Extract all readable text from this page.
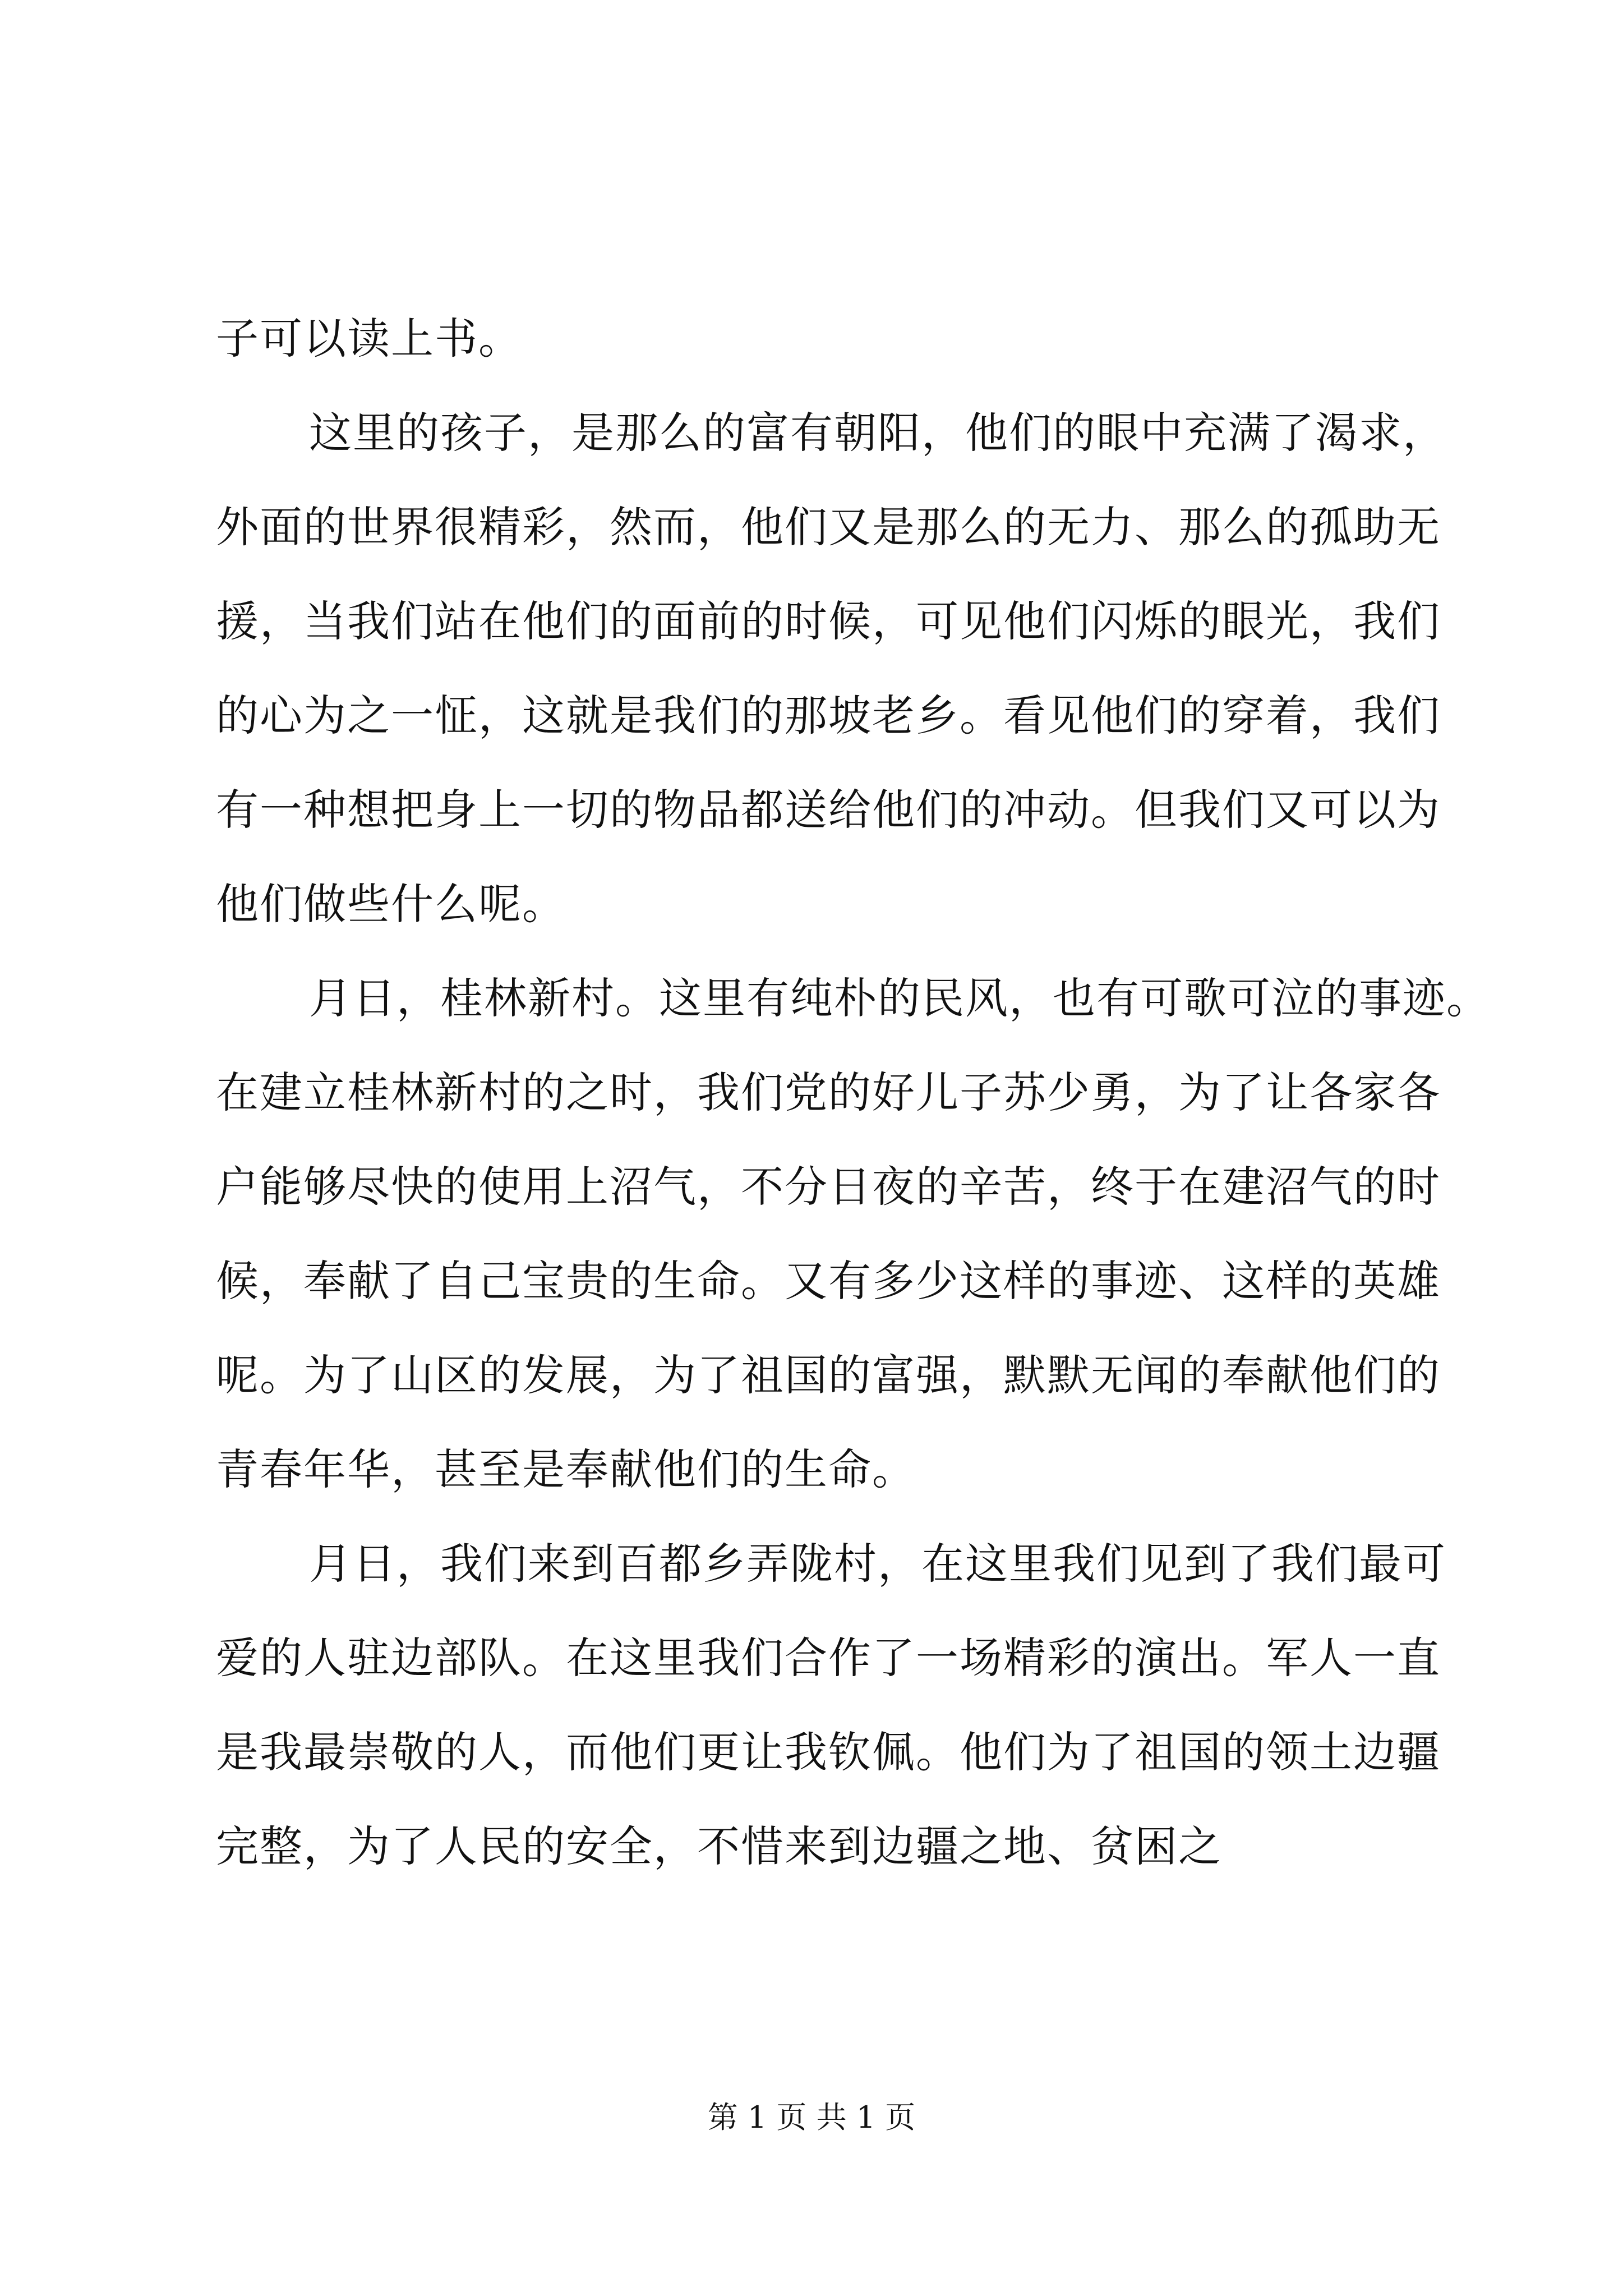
子可以读上书。
这里的孩子，是那么的富有朝阳，他们的眼中充满了渴求，
外面的世界很精彩，然而，他们又是那么的无力、那么的孤助无
援，当我们站在他们的面前的时候，可见他们闪烁的眼光，我们
的心为之一怔，这就是我们的那坡老乡。看见他们的穿着，我们
有一种想把身上一切的物品都送给他们的冲动。但我们又可以为
他们做些什么呢。
月日，桂林新村。这里有纯朴的民风，也有可歌可泣的事迹。
在建立桂林新村的之时，我们党的好儿子苏少勇，为了让各家各
户能够尽快的使用上沼气，不分日夜的辛苦，终于在建沼气的时
候，奉献了自己宝贵的生命。又有多少这样的事迹、这样的英雄
呢。为了山区的发展，为了祖国的富强，默默无闻的奉献他们的
青春年华，甚至是奉献他们的生命。
月日，我们来到百都乡弄陇村，在这里我们见到了我们最可
爱的人驻边部队。在这里我们合作了一场精彩的演出。军人一直
是我最崇敬的人，而他们更让我钦佩。他们为了祖国的领土边疆
完整，为了人民的安全，不惜来到边疆之地、贫困之
第 1 页 共 1 页
